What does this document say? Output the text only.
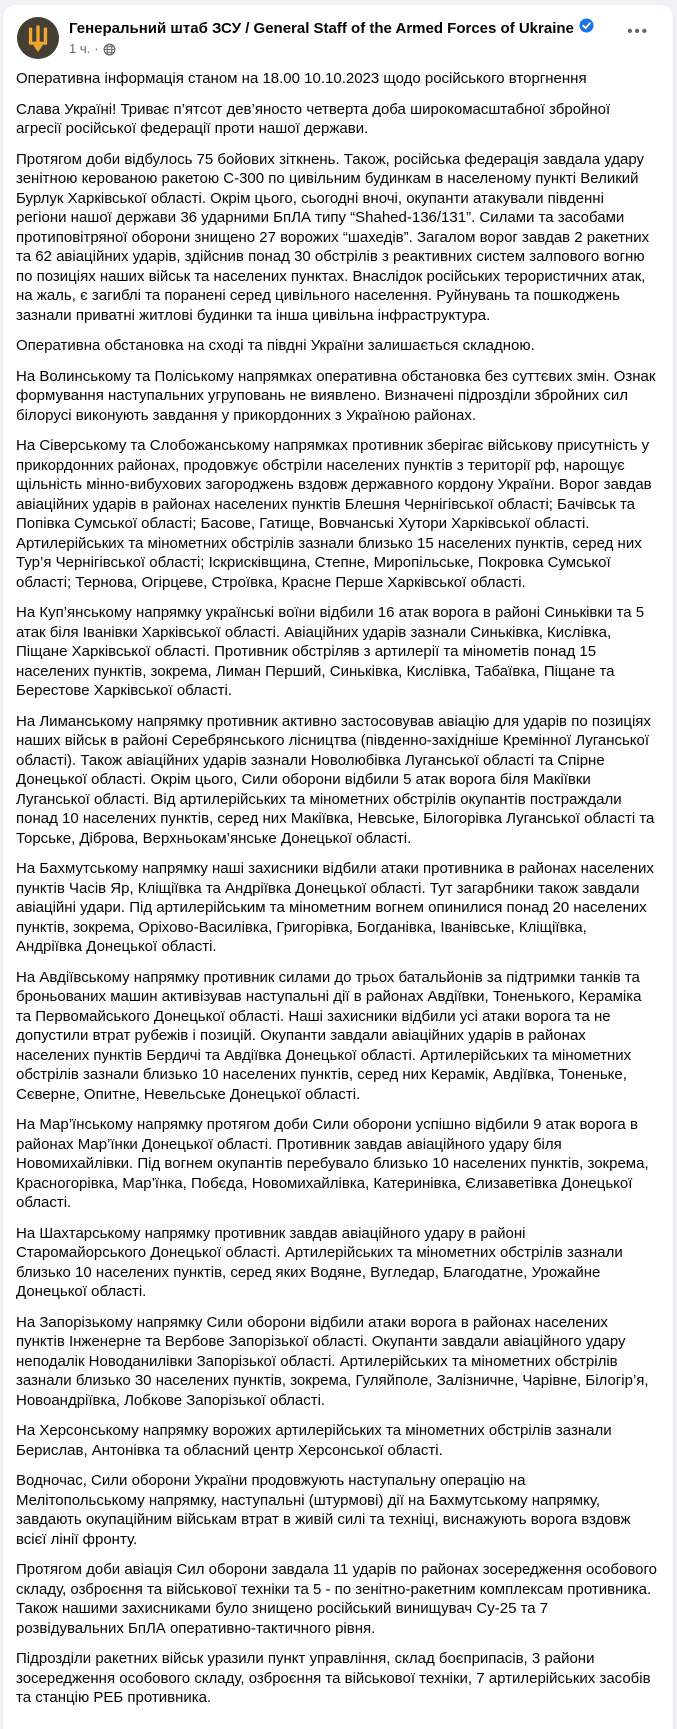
Генеральний штаб ЗСУ / General Staff of the Armed Forces of Ukraine
1 ч. ·
•••

Оперативна інформація станом на 18.00 10.10.2023 щодо російського вторгнення

Слава Україні! Триває п’ятсот дев’яносто четверта доба широкомасштабної збройної агресії російської федерації проти нашої держави.

Протягом доби відбулось 75 бойових зіткнень. Також, російська федерація завдала удару зенітною керованою ракетою С-300 по цивільним будинкам в населеному пункті Великий Бурлук Харківської області. Окрім цього, сьогодні вночі, окупанти атакували південні регіони нашої держави 36 ударними БпЛА типу “Shahed-136/131”. Силами та засобами протиповітряної оборони знищено 27 ворожих “шахедів”. Загалом ворог завдав 2 ракетних та 62 авіаційних ударів, здійснив понад 30 обстрілів з реактивних систем залпового вогню по позиціях наших військ та населених пунктах. Внаслідок російських терористичних атак, на жаль, є загиблі та поранені серед цивільного населення. Руйнувань та пошкоджень зазнали приватні житлові будинки та інша цивільна інфраструктура.

Оперативна обстановка на сході та півдні України залишається складною.

На Волинському та Поліському напрямках оперативна обстановка без суттєвих змін. Ознак формування наступальних угруповань не виявлено. Визначені підрозділи збройних сил білорусі виконують завдання у прикордонних з Україною районах.

На Сіверському та Слобожанському напрямках противник зберігає військову присутність у прикордонних районах, продовжує обстріли населених пунктів з території рф, нарощує щільність мінно-вибухових загороджень вздовж державного кордону України. Ворог завдав авіаційних ударів в районах населених пунктів Блешня Чернігівської області; Бачівськ та Попівка Сумської області; Басове, Гатище, Вовчанські Хутори Харківської області. Артилерійських та мінометних обстрілів зазнали близько 15 населених пунктів, серед них Тур’я Чернігівської області; Іскрисківщина, Степне, Миропільське, Покровка Сумської області; Тернова, Огірцеве, Строївка, Красне Перше Харківської області.

На Куп’янському напрямку українські воїни відбили 16 атак ворога в районі Синьківки та 5 атак біля Іванівки Харківської області. Авіаційних ударів зазнали Синьківка, Кислівка, Піщане Харківської області. Противник обстріляв з артилерії та мінометів понад 15 населених пунктів, зокрема, Лиман Перший, Синьківка, Кислівка, Табаївка, Піщане та Берестове Харківської області.

На Лиманському напрямку противник активно застосовував авіацію для ударів по позиціях наших військ в районі Серебрянського лісництва (південно-західніше Кремінної Луганської області). Також авіаційних ударів зазнали Новолюбівка Луганської області та Спірне Донецької області. Окрім цього, Сили оборони відбили 5 атак ворога біля Макіївки Луганської області. Від артилерійських та мінометних обстрілів окупантів постраждали понад 10 населених пунктів, серед них Макіївка, Невське, Білогорівка Луганської області та Торське, Діброва, Верхньокам’янське Донецької області.

На Бахмутському напрямку наші захисники відбили атаки противника в районах населених пунктів Часів Яр, Кліщіївка та Андріївка Донецької області. Тут загарбники також завдали авіаційні удари. Під артилерійським та мінометним вогнем опинилися понад 20 населених пунктів, зокрема, Оріхово-Василівка, Григорівка, Богданівка, Іванівське, Кліщіївка, Андріївка Донецької області.

На Авдіївському напрямку противник силами до трьох батальйонів за підтримки танків та броньованих машин активізував наступальні дії в районах Авдіївки, Тоненького, Кераміка та Первомайського Донецької області. Наші захисники відбили усі атаки ворога та не допустили втрат рубежів і позицій. Окупанти завдали авіаційних ударів в районах населених пунктів Бердичі та Авдіївка Донецької області. Артилерійських та мінометних обстрілів зазнали близько 10 населених пунктів, серед них Керамік, Авдіївка, Тоненьке, Сєверне, Опитне, Невельське Донецької області.

На Мар’їнському напрямку протягом доби Сили оборони успішно відбили 9 атак ворога в районах Мар’їнки Донецької області. Противник завдав авіаційного удару біля Новомихайлівки. Під вогнем окупантів перебувало близько 10 населених пунктів, зокрема, Красногорівка, Мар’їнка, Побєда, Новомихайлівка, Катеринівка, Єлизаветівка Донецької області.

На Шахтарському напрямку противник завдав авіаційного удару в районі Старомайорського Донецької області. Артилерійських та мінометних обстрілів зазнали близько 10 населених пунктів, серед яких Водяне, Вугледар, Благодатне, Урожайне Донецької області.

На Запорізькому напрямку Сили оборони відбили атаки ворога в районах населених пунктів Інженерне та Вербове Запорізької області. Окупанти завдали авіаційного удару неподалік Новоданилівки Запорізької області. Артилерійських та мінометних обстрілів зазнали близько 30 населених пунктів, зокрема, Гуляйполе, Залізничне, Чарівне, Білогір’я, Новоандріївка, Лобкове Запорізької області.

На Херсонському напрямку ворожих артилерійських та мінометних обстрілів зазнали Берислав, Антонівка та обласний центр Херсонської області.

Водночас, Сили оборони України продовжують наступальну операцію на Мелітопольському напрямку, наступальні (штурмові) дії на Бахмутському напрямку, завдають окупаційним військам втрат в живій силі та техніці, виснажують ворога вздовж всієї лінії фронту.

Протягом доби авіація Сил оборони завдала 11 ударів по районах зосередження особового складу, озброєння та військової техніки та 5 - по зенітно-ракетним комплексам противника. Також нашими захисниками було знищено російський винищувач Су-25 та 7 розвідувальних БпЛА оперативно-тактичного рівня.

Підрозділи ракетних військ уразили пункт управління, склад боєприпасів, 3 райони зосередження особового складу, озброєння та військової техніки, 7 артилерійських засобів та станцію РЕБ противника.
